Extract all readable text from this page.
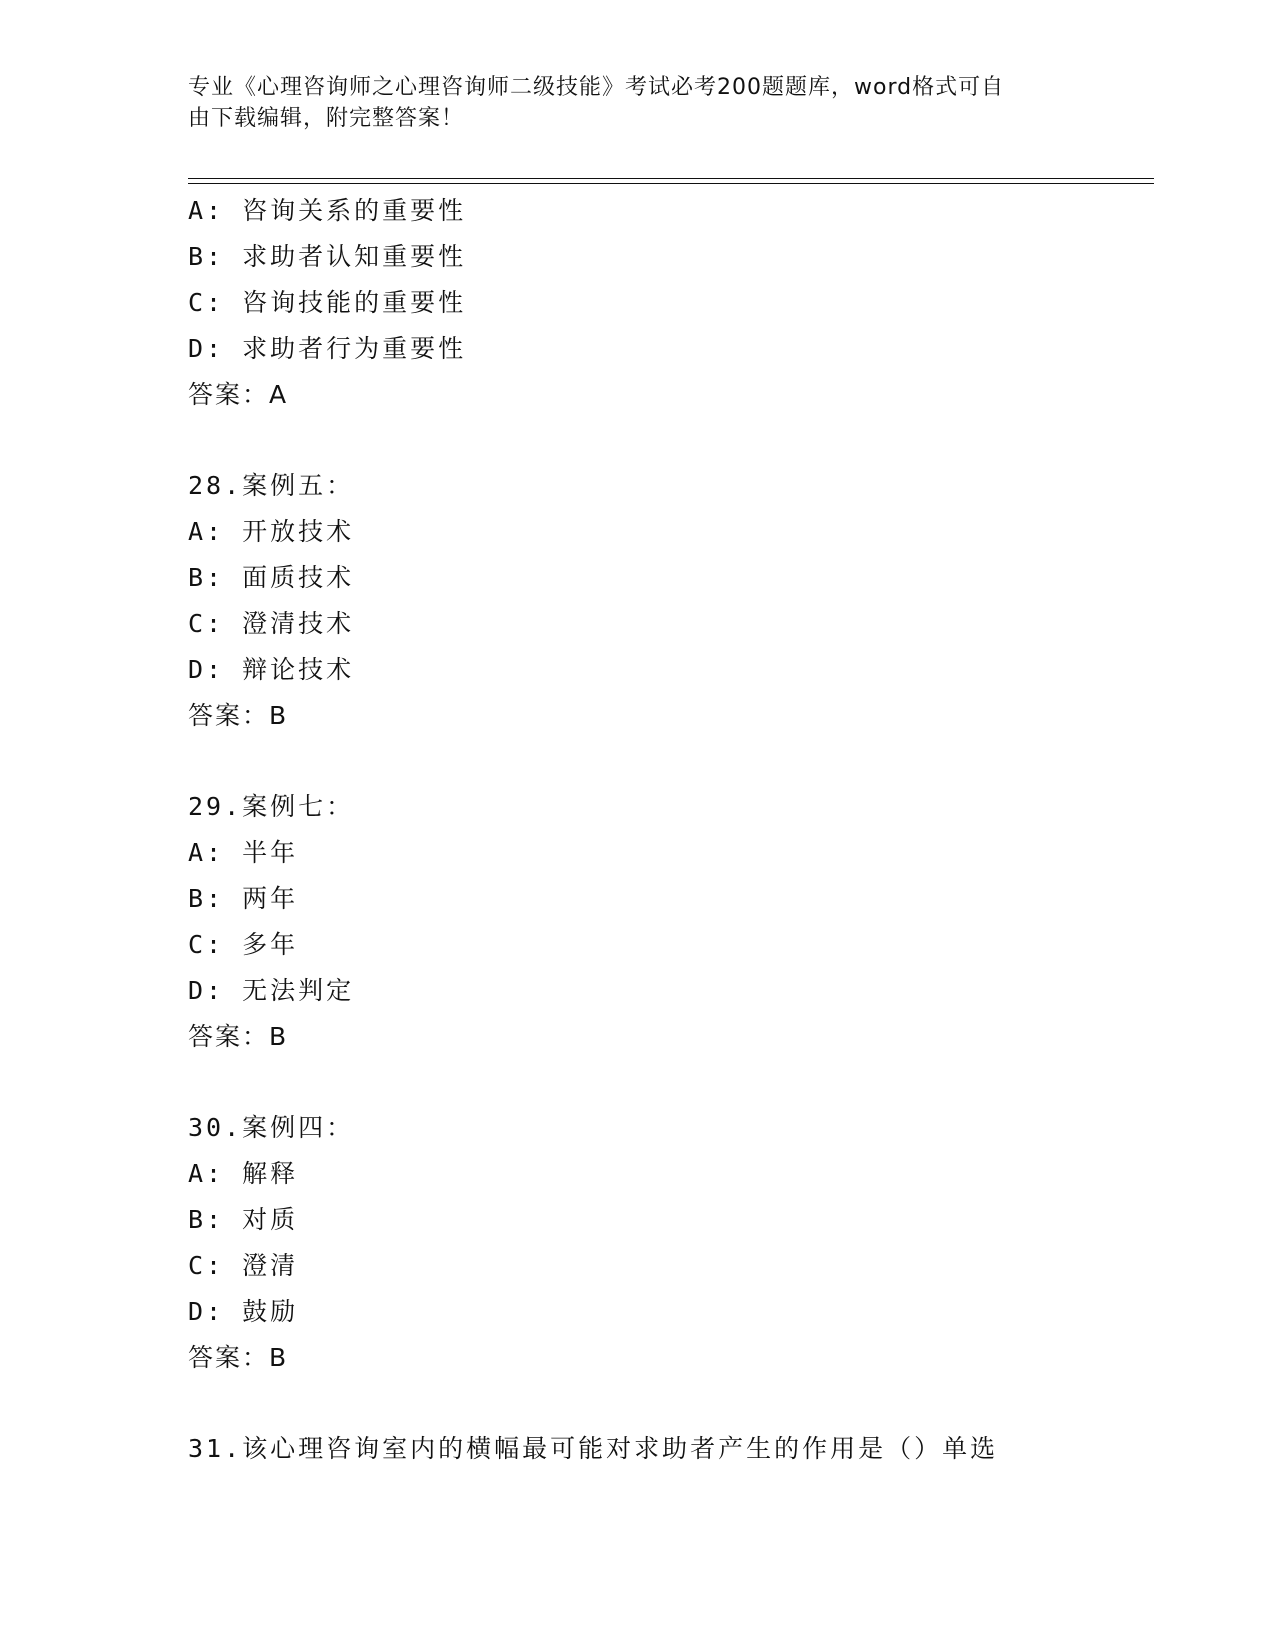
专业《心理咨询师之心理咨询师二级技能》考试必考200题题库，word格式可自
由下载编辑，附完整答案！
A: 咨询关系的重要性
B: 求助者认知重要性
C: 咨询技能的重要性
D: 求助者行为重要性
答案：A
28.案例五：
A: 开放技术
B: 面质技术
C: 澄清技术
D: 辩论技术
答案：B
29.案例七：
A: 半年
B: 两年
C: 多年
D: 无法判定
答案：B
30.案例四：
A: 解释
B: 对质
C: 澄清
D: 鼓励
答案：B
31.该心理咨询室内的横幅最可能对求助者产生的作用是（）单选
